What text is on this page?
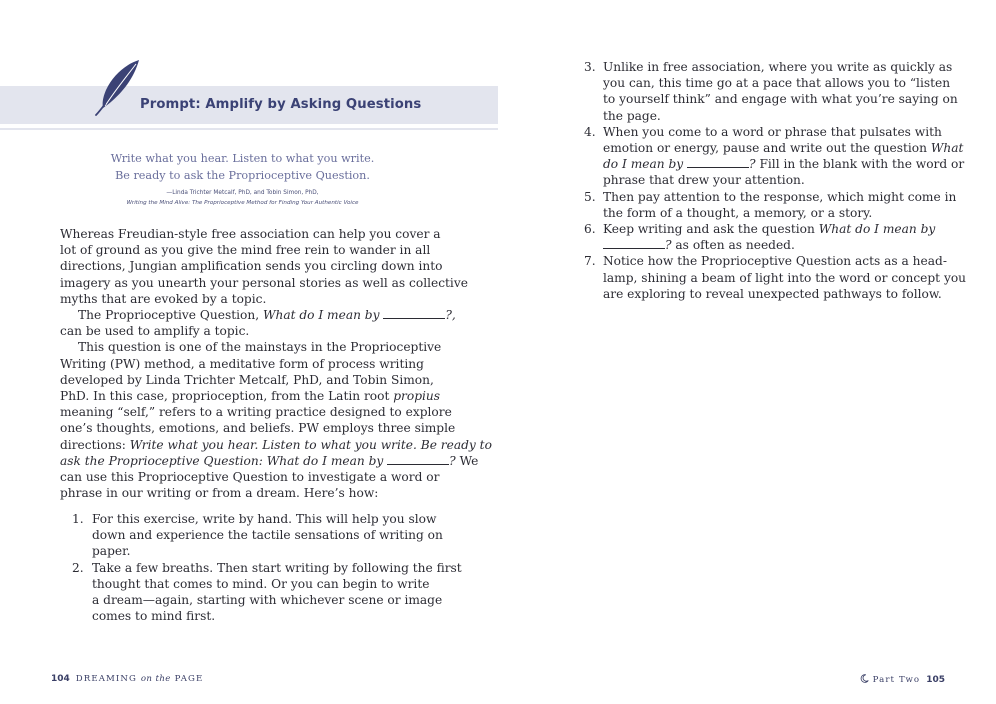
Prompt: Amplify by Asking Questions
Write what you hear. Listen to what you write.
Be ready to ask the Proprioceptive Question.
—Linda Trichter Metcalf, PhD, and Tobin Simon, PhD,
Writing the Mind Alive: The Proprioceptive Method for Finding Your Authentic Voice
Whereas Freudian-style free association can help you cover a
lot of ground as you give the mind free rein to wander in all
directions, Jungian amplification sends you circling down into
imagery as you unearth your personal stories as well as collective
myths that are evoked by a topic.
The Proprioceptive Question, What do I mean by	?,
can be used to amplify a topic.
This question is one of the mainstays in the Proprioceptive
Writing (PW) method, a meditative form of process writing
developed by Linda Trichter Metcalf, PhD, and Tobin Simon,
PhD. In this case, proprioception, from the Latin root propius
meaning “self,” refers to a writing practice designed to explore
one’s thoughts, emotions, and beliefs. PW employs three simple
directions: Write what you hear. Listen to what you write. Be ready to
ask the Proprioceptive Question: What do I mean by	? We
can use this Proprioceptive Question to investigate a word or
phrase in our writing or from a dream. Here’s how:
1. For this exercise, write by hand. This will help you slow
down and experience the tactile sensations of writing on
paper.
2. Take a few breaths. Then start writing by following the first
thought that comes to mind. Or you can begin to write
a dream—again, starting with whichever scene or image
comes to mind first.
104 DREAMING on the PAGE
3. Unlike in free association, where you write as quickly as
you can, this time go at a pace that allows you to “listen
to yourself think” and engage with what you’re saying on
the page.
4. When you come to a word or phrase that pulsates with
emotion or energy, pause and write out the question What
do I mean by	? Fill in the blank with the word or
phrase that drew your attention.
5. Then pay attention to the response, which might come in
the form of a thought, a memory, or a story.
6. Keep writing and ask the question What do I mean by
? as often as needed.
7. Notice how the Proprioceptive Question acts as a head-
lamp, shining a beam of light into the word or concept you
are exploring to reveal unexpected pathways to follow.
Part Two 105
